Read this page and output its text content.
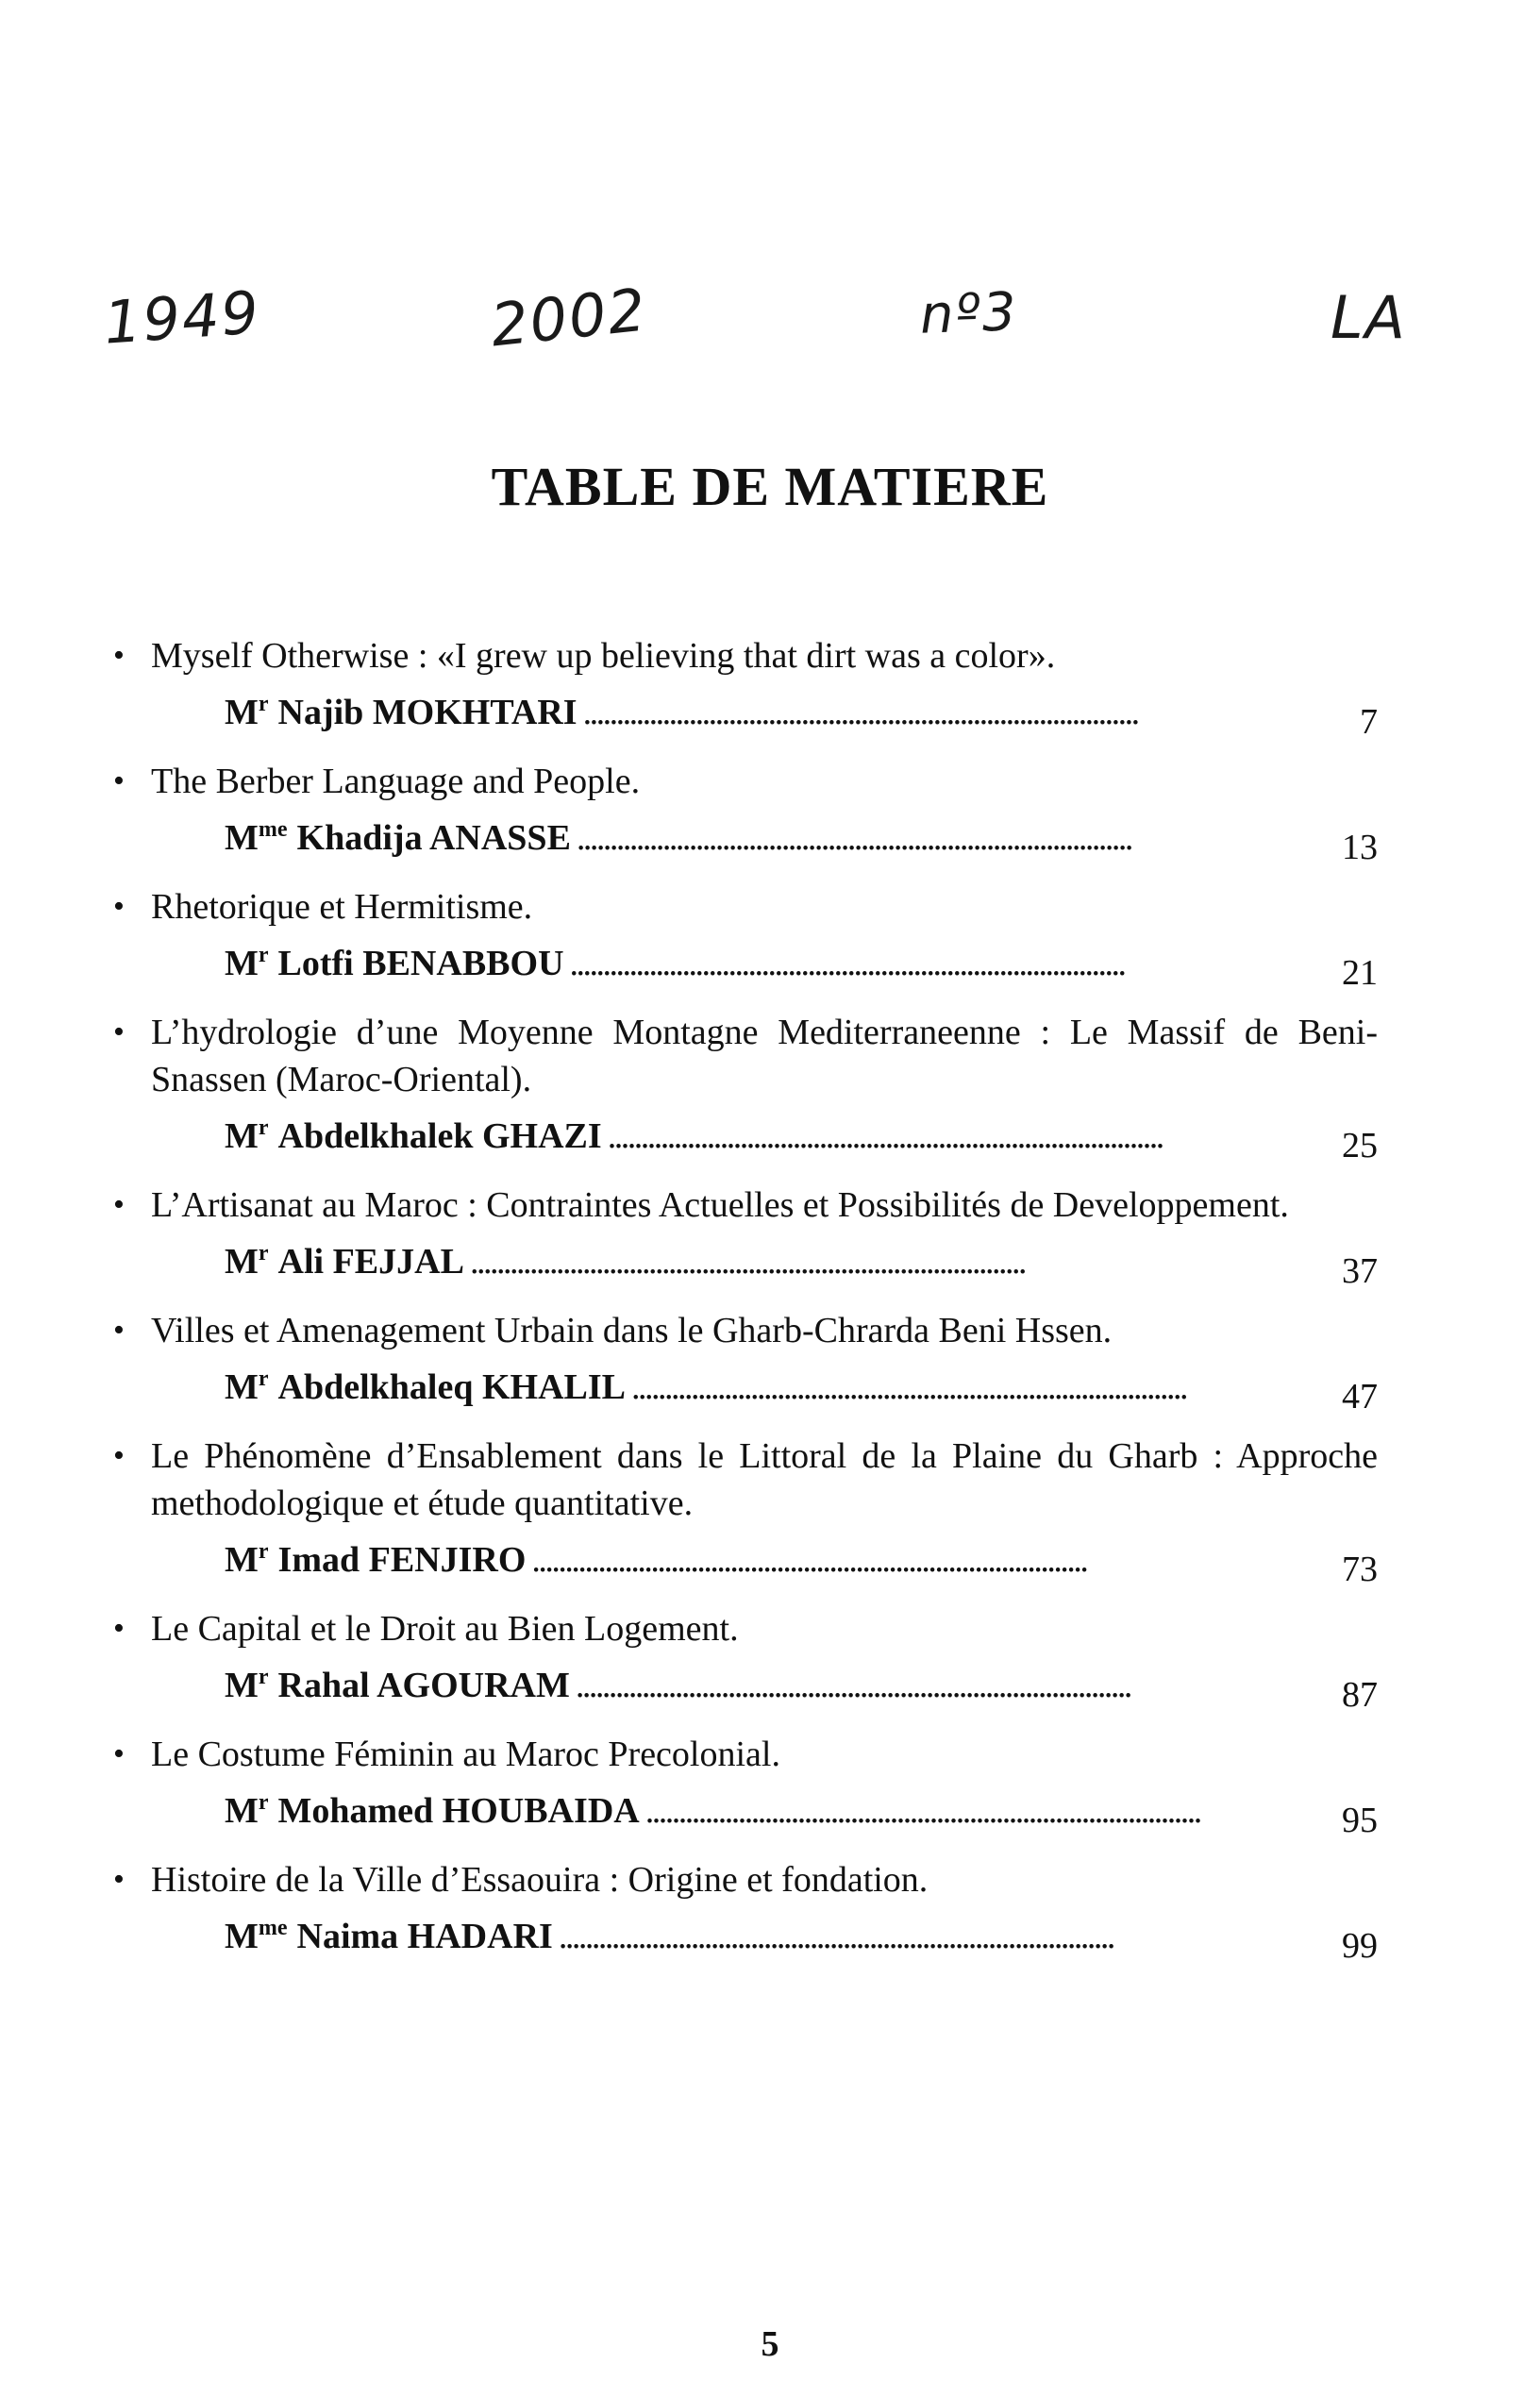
1949	2002	nº3	LA
TABLE DE MATIERE
• Myself Otherwise : «I grew up believing that dirt was a color».
$M^r$ Najib MOKHTARI . . .	7
• The Berber Language and People.
$M^{me}$ Khadija ANASSE . . .	13
• Rhetorique et Hermitisme.
$M^r$ Lotfi BENABBOU . . .	21
• L’hydrologie d’une Moyenne Montagne Mediterraneenne : Le Massif de Beni-Snassen (Maroc-Oriental).
$M^r$ Abdelkhalek GHAZI . . .	25
• L’Artisanat au Maroc : Contraintes Actuelles et Possibilités de Developpement.
$M^r$ Ali FEJJAL . . .	37
• Villes et Amenagement Urbain dans le Gharb-Chrarda Beni Hssen.
$M^r$ Abdelkhaleq KHALIL . . .	47
• Le Phénomène d’Ensablement dans le Littoral de la Plaine du Gharb : Approche methodologique et étude quantitative.
$M^r$ Imad FENJIRO . . .	73
• Le Capital et le Droit au Bien Logement.
$M^r$ Rahal AGOURAM . . .	87
• Le Costume Féminin au Maroc Precolonial.
$M^r$ Mohamed HOUBAIDA . . .	95
• Histoire de la Ville d’Essaouira : Origine et fondation.
$M^{me}$ Naima HADARI . . .	99
5
